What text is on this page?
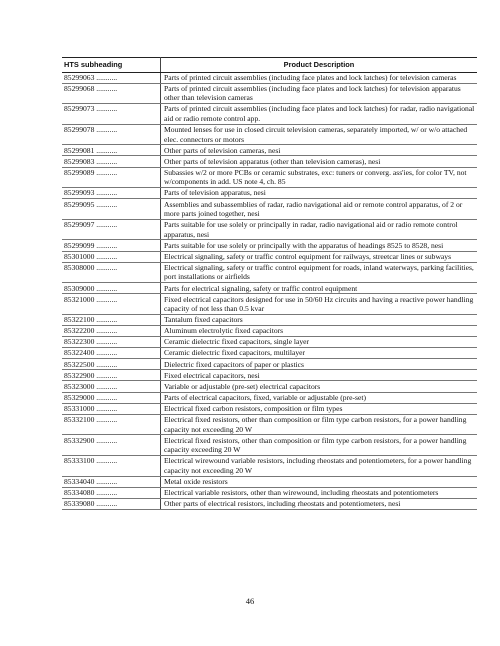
HTS subheading	Product Description
85299063 ...........	Parts of printed circuit assemblies (including face plates and lock latches) for television cameras
85299068 ...........	Parts of printed circuit assemblies (including face plates and lock latches) for television apparatus other than television cameras
85299073 ...........	Parts of printed circuit assemblies (including face plates and lock latches) for radar, radio navigational aid or radio remote control app.
85299078 ...........	Mounted lenses for use in closed circuit television cameras, separately imported, w/ or w/o attached elec. connectors or motors
85299081 ...........	Other parts of television cameras, nesi
85299083 ...........	Other parts of television apparatus (other than television cameras), nesi
85299089 ...........	Subassies w/2 or more PCBs or ceramic substrates, exc: tuners or converg. ass'ies, for color TV, not w/components in add. US note 4, ch. 85
85299093 ...........	Parts of television apparatus, nesi
85299095 ...........	Assemblies and subassemblies of radar, radio navigational aid or remote control apparatus, of 2 or more parts joined together, nesi
85299097 ...........	Parts suitable for use solely or principally in radar, radio navigational aid or radio remote control apparatus, nesi
85299099 ...........	Parts suitable for use solely or principally with the apparatus of headings 8525 to 8528, nesi
85301000 ...........	Electrical signaling, safety or traffic control equipment for railways, streetcar lines or subways
85308000 ...........	Electrical signaling, safety or traffic control equipment for roads, inland waterways, parking facilities, port installations or airfields
85309000 ...........	Parts for electrical signaling, safety or traffic control equipment
85321000 ...........	Fixed electrical capacitors designed for use in 50/60 Hz circuits and having a reactive power handling capacity of not less than 0.5 kvar
85322100 ...........	Tantalum fixed capacitors
85322200 ...........	Aluminum electrolytic fixed capacitors
85322300 ...........	Ceramic dielectric fixed capacitors, single layer
85322400 ...........	Ceramic dielectric fixed capacitors, multilayer
85322500 ...........	Dielectric fixed capacitors of paper or plastics
85322900 ...........	Fixed electrical capacitors, nesi
85323000 ...........	Variable or adjustable (pre-set) electrical capacitors
85329000 ...........	Parts of electrical capacitors, fixed, variable or adjustable (pre-set)
85331000 ...........	Electrical fixed carbon resistors, composition or film types
85332100 ...........	Electrical fixed resistors, other than composition or film type carbon resistors, for a power handling capacity not exceeding 20 W
85332900 ...........	Electrical fixed resistors, other than composition or film type carbon resistors, for a power handling capacity exceeding 20 W
85333100 ...........	Electrical wirewound variable resistors, including rheostats and potentiometers, for a power handling capacity not exceeding 20 W
85334040 ...........	Metal oxide resistors
85334080 ...........	Electrical variable resistors, other than wirewound, including rheostats and potentiometers
85339080 ...........	Other parts of electrical resistors, including rheostats and potentiometers, nesi
46
